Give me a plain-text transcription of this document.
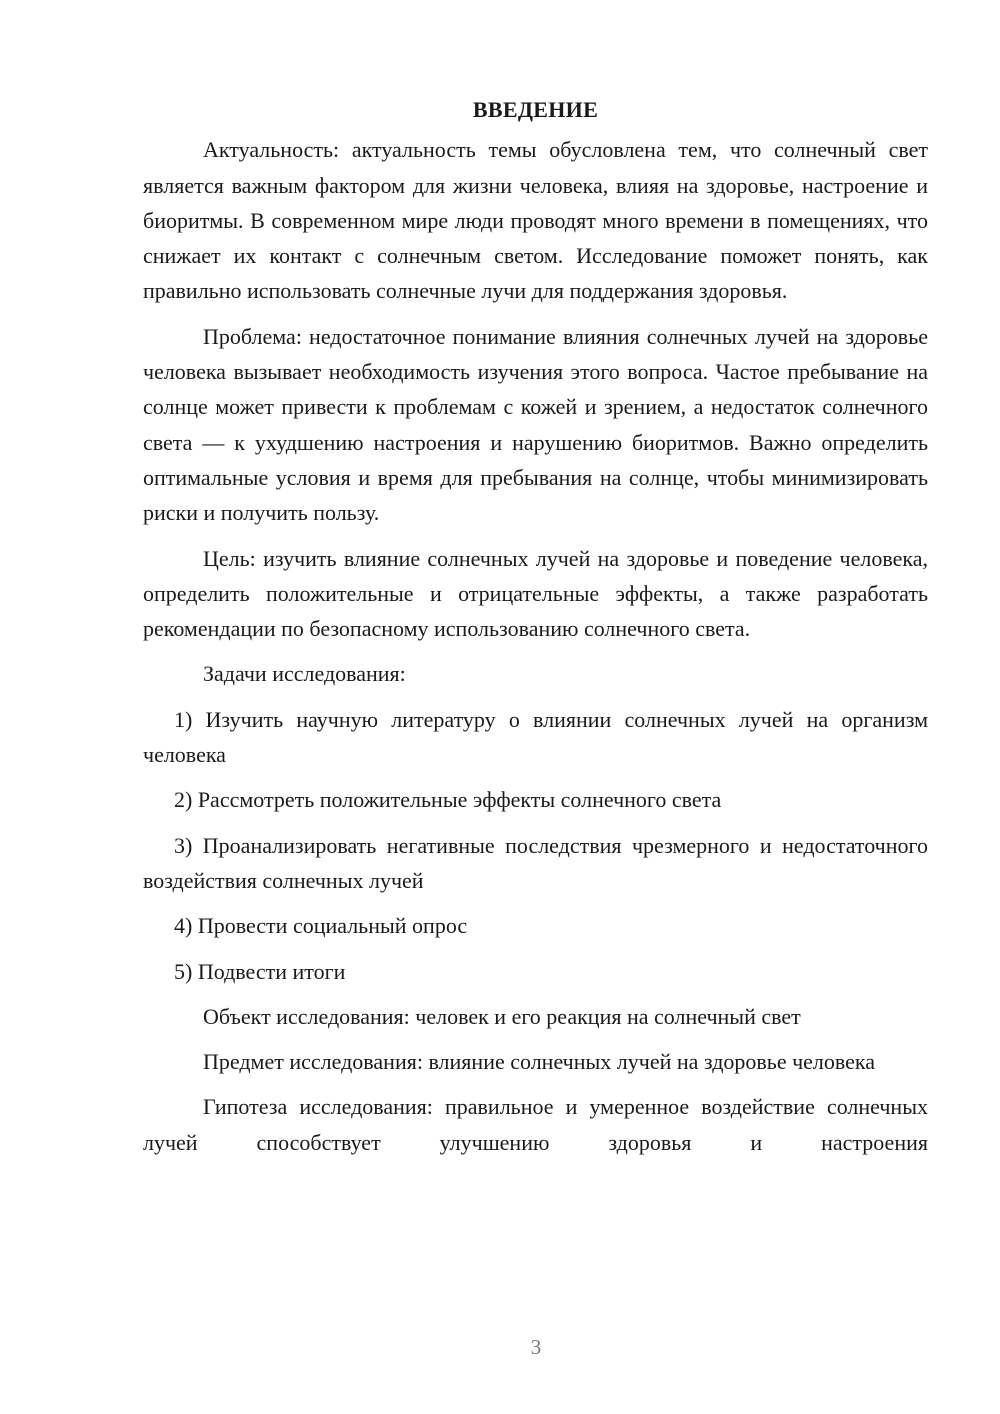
ВВЕДЕНИЕ

Актуальность: актуальность темы обусловлена тем, что солнечный свет является важным фактором для жизни человека, влияя на здоровье, настроение и биоритмы. В современном мире люди проводят много времени в помещениях, что снижает их контакт с солнечным светом. Исследование поможет понять, как правильно использовать солнечные лучи для поддержания здоровья.

Проблема: недостаточное понимание влияния солнечных лучей на здоровье человека вызывает необходимость изучения этого вопроса. Частое пребывание на солнце может привести к проблемам с кожей и зрением, а недостаток солнечного света — к ухудшению настроения и нарушению биоритмов. Важно определить оптимальные условия и время для пребывания на солнце, чтобы минимизировать риски и получить пользу.

Цель: изучить влияние солнечных лучей на здоровье и поведение человека, определить положительные и отрицательные эффекты, а также разработать рекомендации по безопасному использованию солнечного света.

Задачи исследования:

1) Изучить научную литературу о влиянии солнечных лучей на организм человека

2) Рассмотреть положительные эффекты солнечного света

3) Проанализировать негативные последствия чрезмерного и недостаточного воздействия солнечных лучей

4) Провести социальный опрос

5) Подвести итоги

Объект исследования: человек и его реакция на солнечный свет

Предмет исследования: влияние солнечных лучей на здоровье человека

Гипотеза исследования: правильное и умеренное воздействие солнечных лучей способствует улучшению здоровья и настроения

3
